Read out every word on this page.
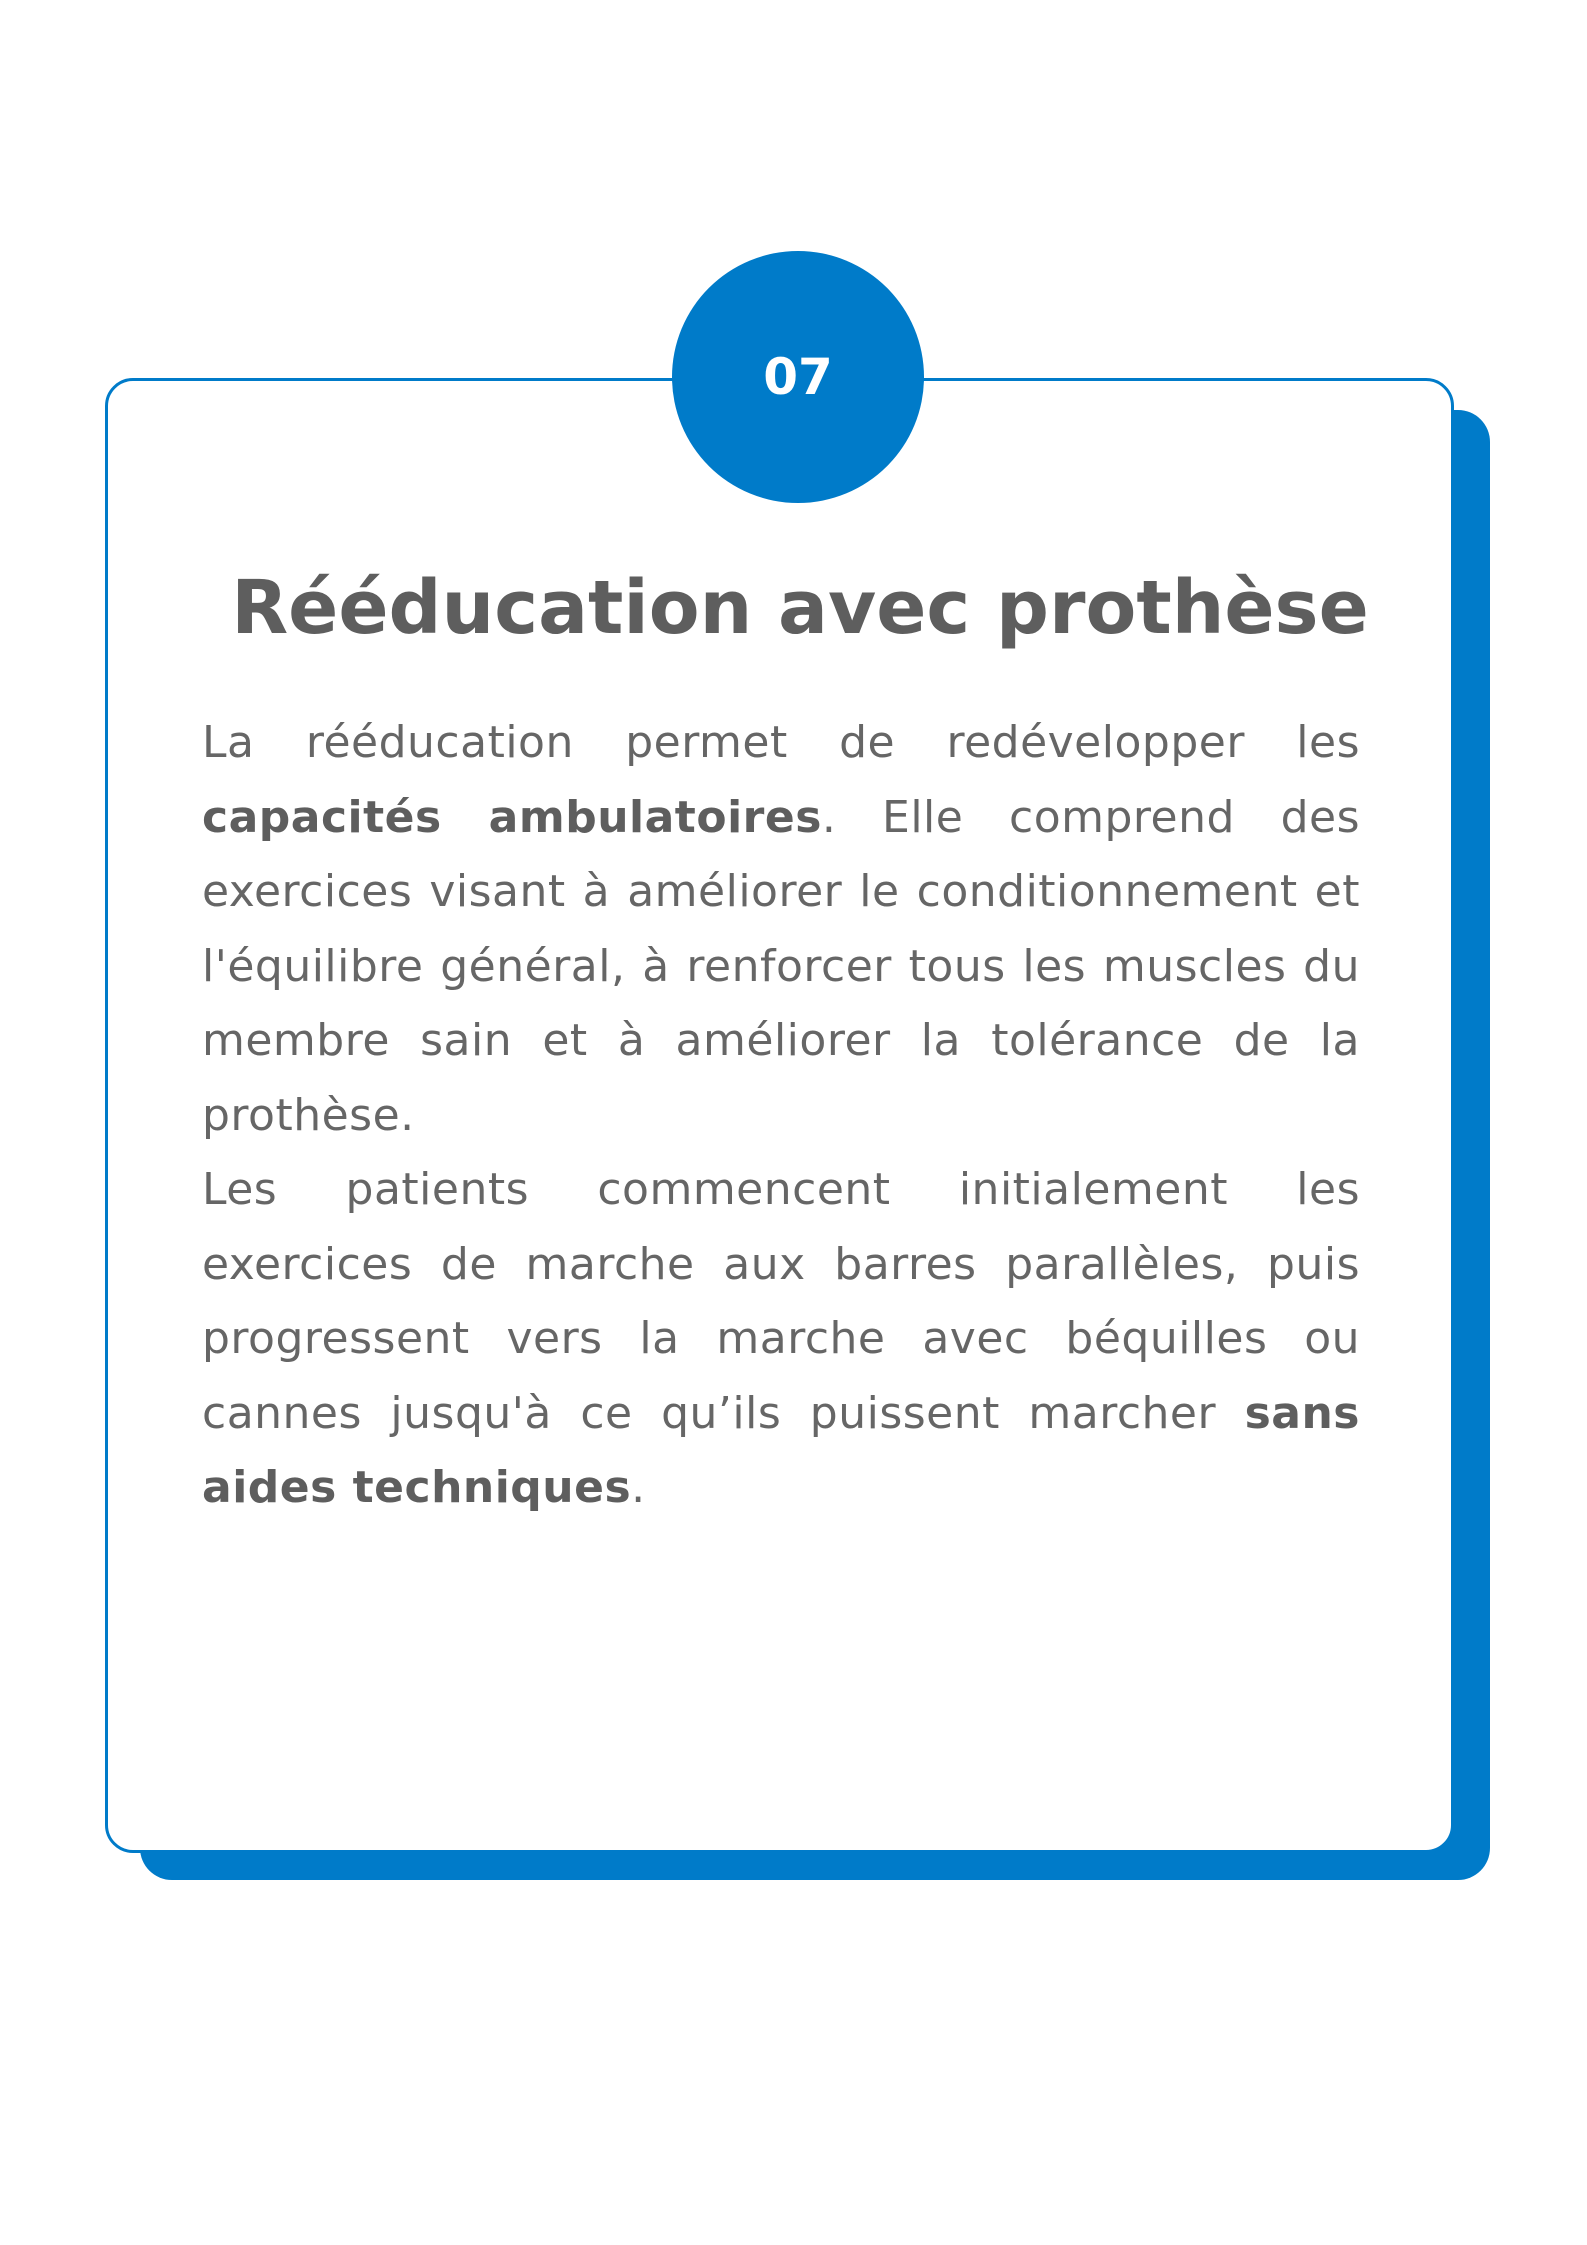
07
Rééducation avec prothèse

La rééducation permet de redévelopper les capacités ambulatoires. Elle comprend des exercices visant à améliorer le conditionnement et l'équilibre général, à renforcer tous les muscles du membre sain et à améliorer la tolérance de la prothèse.

Les patients commencent initialement les exercices de marche aux barres parallèles, puis progressent vers la marche avec béquilles ou cannes jusqu'à ce qu’ils puissent marcher sans aides techniques.
